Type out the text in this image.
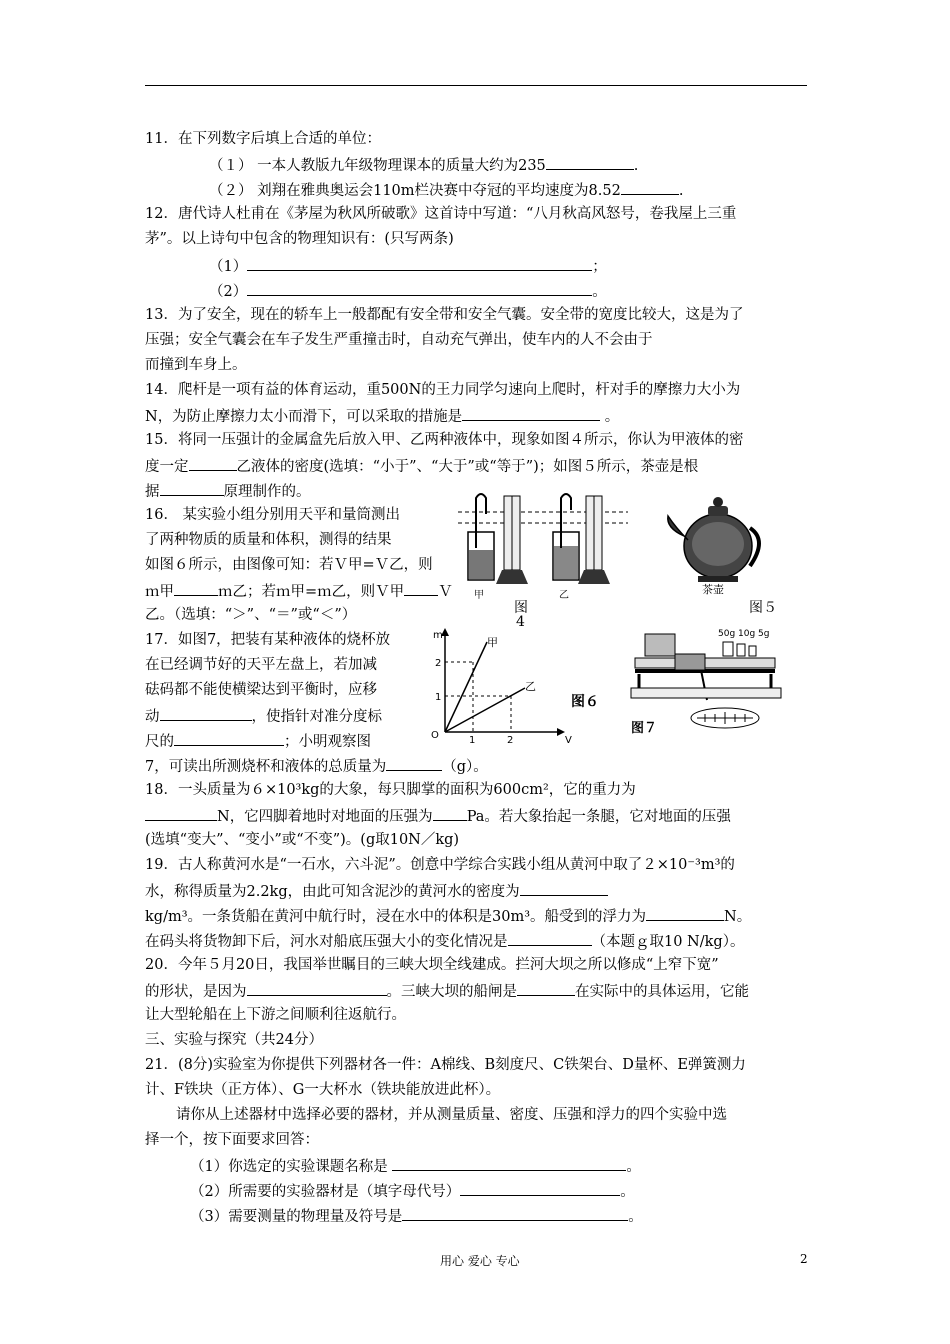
11．在下列数字后填上合适的单位：
（１） 一本人教版九年级物理课本的质量大约为235	.
（２） 刘翔在雅典奥运会110m栏决赛中夺冠的平均速度为8.52	.
12．唐代诗人杜甫在《茅屋为秋风所破歌》这首诗中写道：“八月秋高风怒号，卷我屋上三重
茅”。以上诗句中包含的物理知识有：(只写两条)
（1）	；
（2）	。
13．为了安全，现在的轿车上一般都配有安全带和安全气囊。安全带的宽度比较大，这是为了
压强；安全气囊会在车子发生严重撞击时，自动充气弹出，使车内的人不会由于
而撞到车身上。
14．爬杆是一项有益的体育运动，重500N的王力同学匀速向上爬时，杆对手的摩擦力大小为
N，为防止摩擦力太小而滑下，可以采取的措施是	。
15．将同一压强计的金属盒先后放入甲、乙两种液体中，现象如图４所示，你认为甲液体的密
度一定	乙液体的密度(选填：“小于”、“大于”或“等于”)；如图５所示，茶壶是根
据	原理制作的。
16． 某实验小组分别用天平和量筒测出
了两种物质的质量和体积，测得的结果
如图６所示，由图像可知：若Ｖ甲=Ｖ乙，则
ｍ甲	ｍ乙；若ｍ甲=ｍ乙，则Ｖ甲 Ｖ
乙。（选填：“＞”、“＝”或“＜”）
17．如图7，把装有某种液体的烧杯放
在已经调节好的天平左盘上，若加减
砝码都不能使横梁达到平衡时，应移
动	，使指针对准分度标
尺的	；小明观察图
7，可读出所测烧杯和液体的总质量为	（g）。
18．一头质量为６×10³kg的大象，每只脚掌的面积为600cm²，它的重力为
N，它四脚着地时对地面的压强为 Pa。若大象抬起一条腿，它对地面的压强
(选填“变大”、“变小”或“不变”)。(g取10N／kg)
19．古人称黄河水是“一石水，六斗泥”。创意中学综合实践小组从黄河中取了２×10⁻³m³的
水，称得质量为2.2kg，由此可知含泥沙的黄河水的密度为
kg/m³。一条货船在黄河中航行时，浸在水中的体积是30m³。船受到的浮力为	N。
在码头将货物卸下后，河水对船底压强大小的变化情况是	（本题ｇ取10 N/kg）。
20．今年５月20日，我国举世瞩目的三峡大坝全线建成。拦河大坝之所以修成“上窄下宽”
的形状，是因为	。三峡大坝的船闸是	在实际中的具体运用，它能
让大型轮船在上下游之间顺利往返航行。
三、实验与探究（共24分）
21．(8分)实验室为你提供下列器材各一件：A棉线、B刻度尺、C铁架台、D量杯、E弹簧测力
计、F铁块（正方体）、G一大杯水（铁块能放进此杯）。
请你从上述器材中选择必要的器材，并从测量质量、密度、压强和浮力的四个实验中选
择一个，按下面要求回答：
（1）你选定的实验课题名称是	。
（2）所需要的实验器材是（填字母代号）	。
（3）需要测量的物理量及符号是	。
甲	乙
图
4
茶壶
图５
m
V
O
1
2
1	2
甲
乙
图６
50g 10g 5g
图７
用心 爱心 专心	2
